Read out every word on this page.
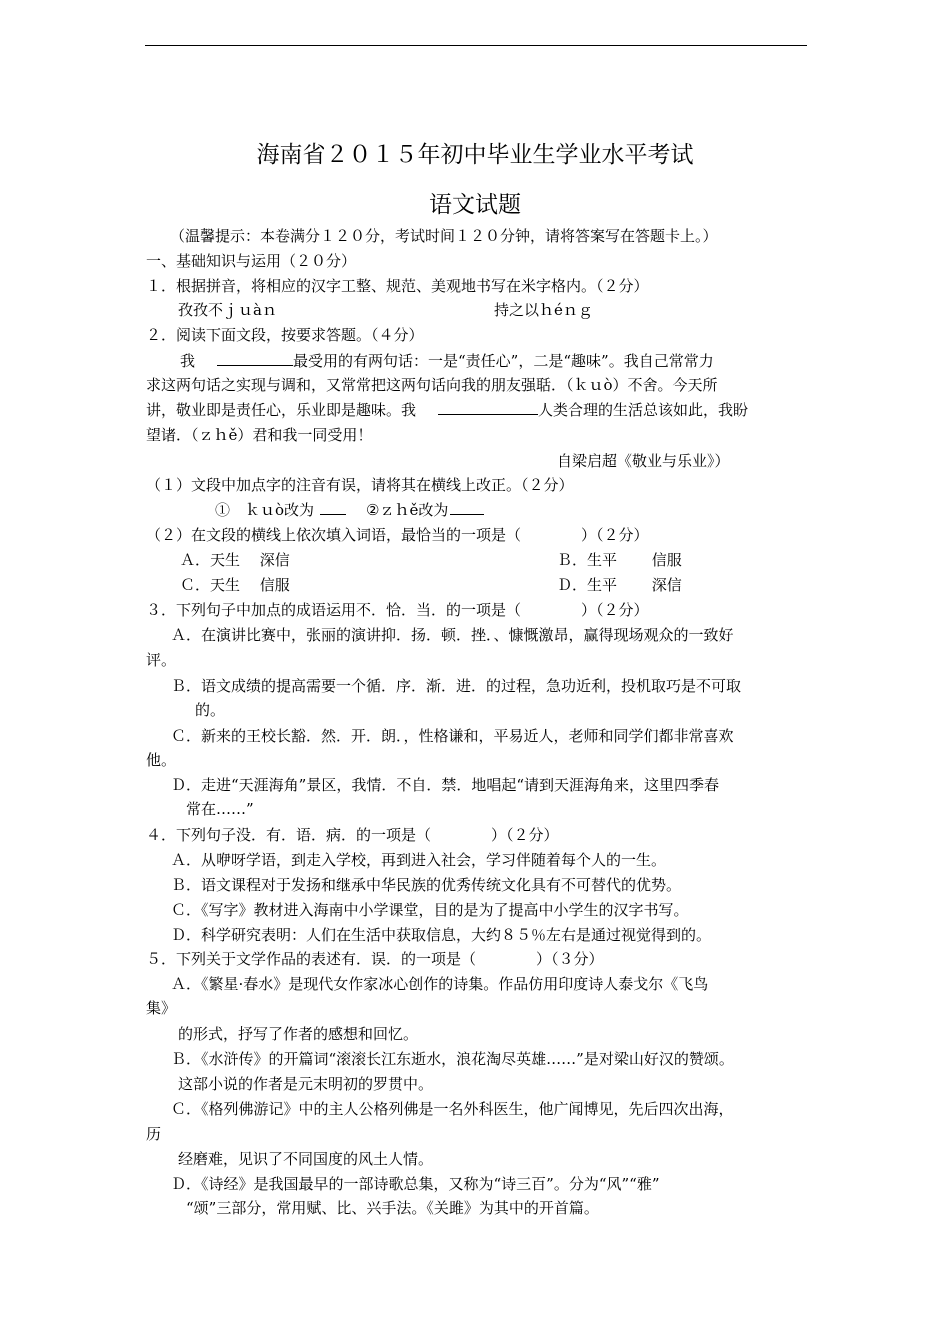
海南省２０１５年初中毕业生学业水平考试
语文试题
（温馨提示：本卷满分１２０分，考试时间１２０分钟，请将答案写在答题卡上。）
一、基础知识与运用（２０分）
１．根据拼音，将相应的汉字工整、规范、美观地书写在米字格内。（２分）
孜孜不ｊｕàｎ	持之以ｈéｎｇ
２．阅读下面文段，按要求答题。（４分）
我	最受用的有两句话：一是“责任心”，二是“趣味”。我自己常常力
求这两句话之实现与调和，又常常把这两句话向我的朋友强聒．（ｋｕò）不舍。今天所
讲，敬业即是责任心，乐业即是趣味。我	人类合理的生活总该如此，我盼
望诸．（ｚｈě）君和我一同受用！
自梁启超《敬业与乐业》）
（１）文段中加点字的注音有误，请将其在横线上改正。（２分）
①　ｋｕò改为	②ｚｈě改为
（２）在文段的横线上依次填入词语，最恰当的一项是（　　　　）（２分）
Ａ．天生　 深信	Ｂ．生平　　 信服
Ｃ．天生　 信服	Ｄ．生平　　 深信
３．下列句子中加点的成语运用不．恰．当．的一项是（　　　　）（２分）
Ａ．在演讲比赛中，张丽的演讲抑．扬．顿．挫．、慷慨激昂，赢得现场观众的一致好
评。
Ｂ．语文成绩的提高需要一个循．序．渐．进．的过程，急功近利，投机取巧是不可取
的。
Ｃ．新来的王校长豁．然．开．朗．，性格谦和，平易近人，老师和同学们都非常喜欢
他。
Ｄ．走进“天涯海角”景区，我情．不自．禁．地唱起“请到天涯海角来，这里四季春
常在……”
４．下列句子没．有．语．病．的一项是（　　　　）（２分）
Ａ．从咿呀学语，到走入学校，再到进入社会，学习伴随着每个人的一生。
Ｂ．语文课程对于发扬和继承中华民族的优秀传统文化具有不可替代的优势。
Ｃ．《写字》教材进入海南中小学课堂，目的是为了提高中小学生的汉字书写。
Ｄ．科学研究表明：人们在生活中获取信息，大约８５％左右是通过视觉得到的。
５．下列关于文学作品的表述有．误．的一项是（　　　　）（３分）
Ａ．《繁星·春水》是现代女作家冰心创作的诗集。作品仿用印度诗人泰戈尔《飞鸟
集》
的形式，抒写了作者的感想和回忆。
Ｂ．《水浒传》的开篇词“滚滚长江东逝水，浪花淘尽英雄……”是对梁山好汉的赞颂。
这部小说的作者是元末明初的罗贯中。
Ｃ．《格列佛游记》中的主人公格列佛是一名外科医生，他广闻博见，先后四次出海，
历
经磨难，见识了不同国度的风土人情。
Ｄ．《诗经》是我国最早的一部诗歌总集，又称为“诗三百”。分为“风”“雅”
“颂”三部分，常用赋、比、兴手法。《关雎》为其中的开首篇。
